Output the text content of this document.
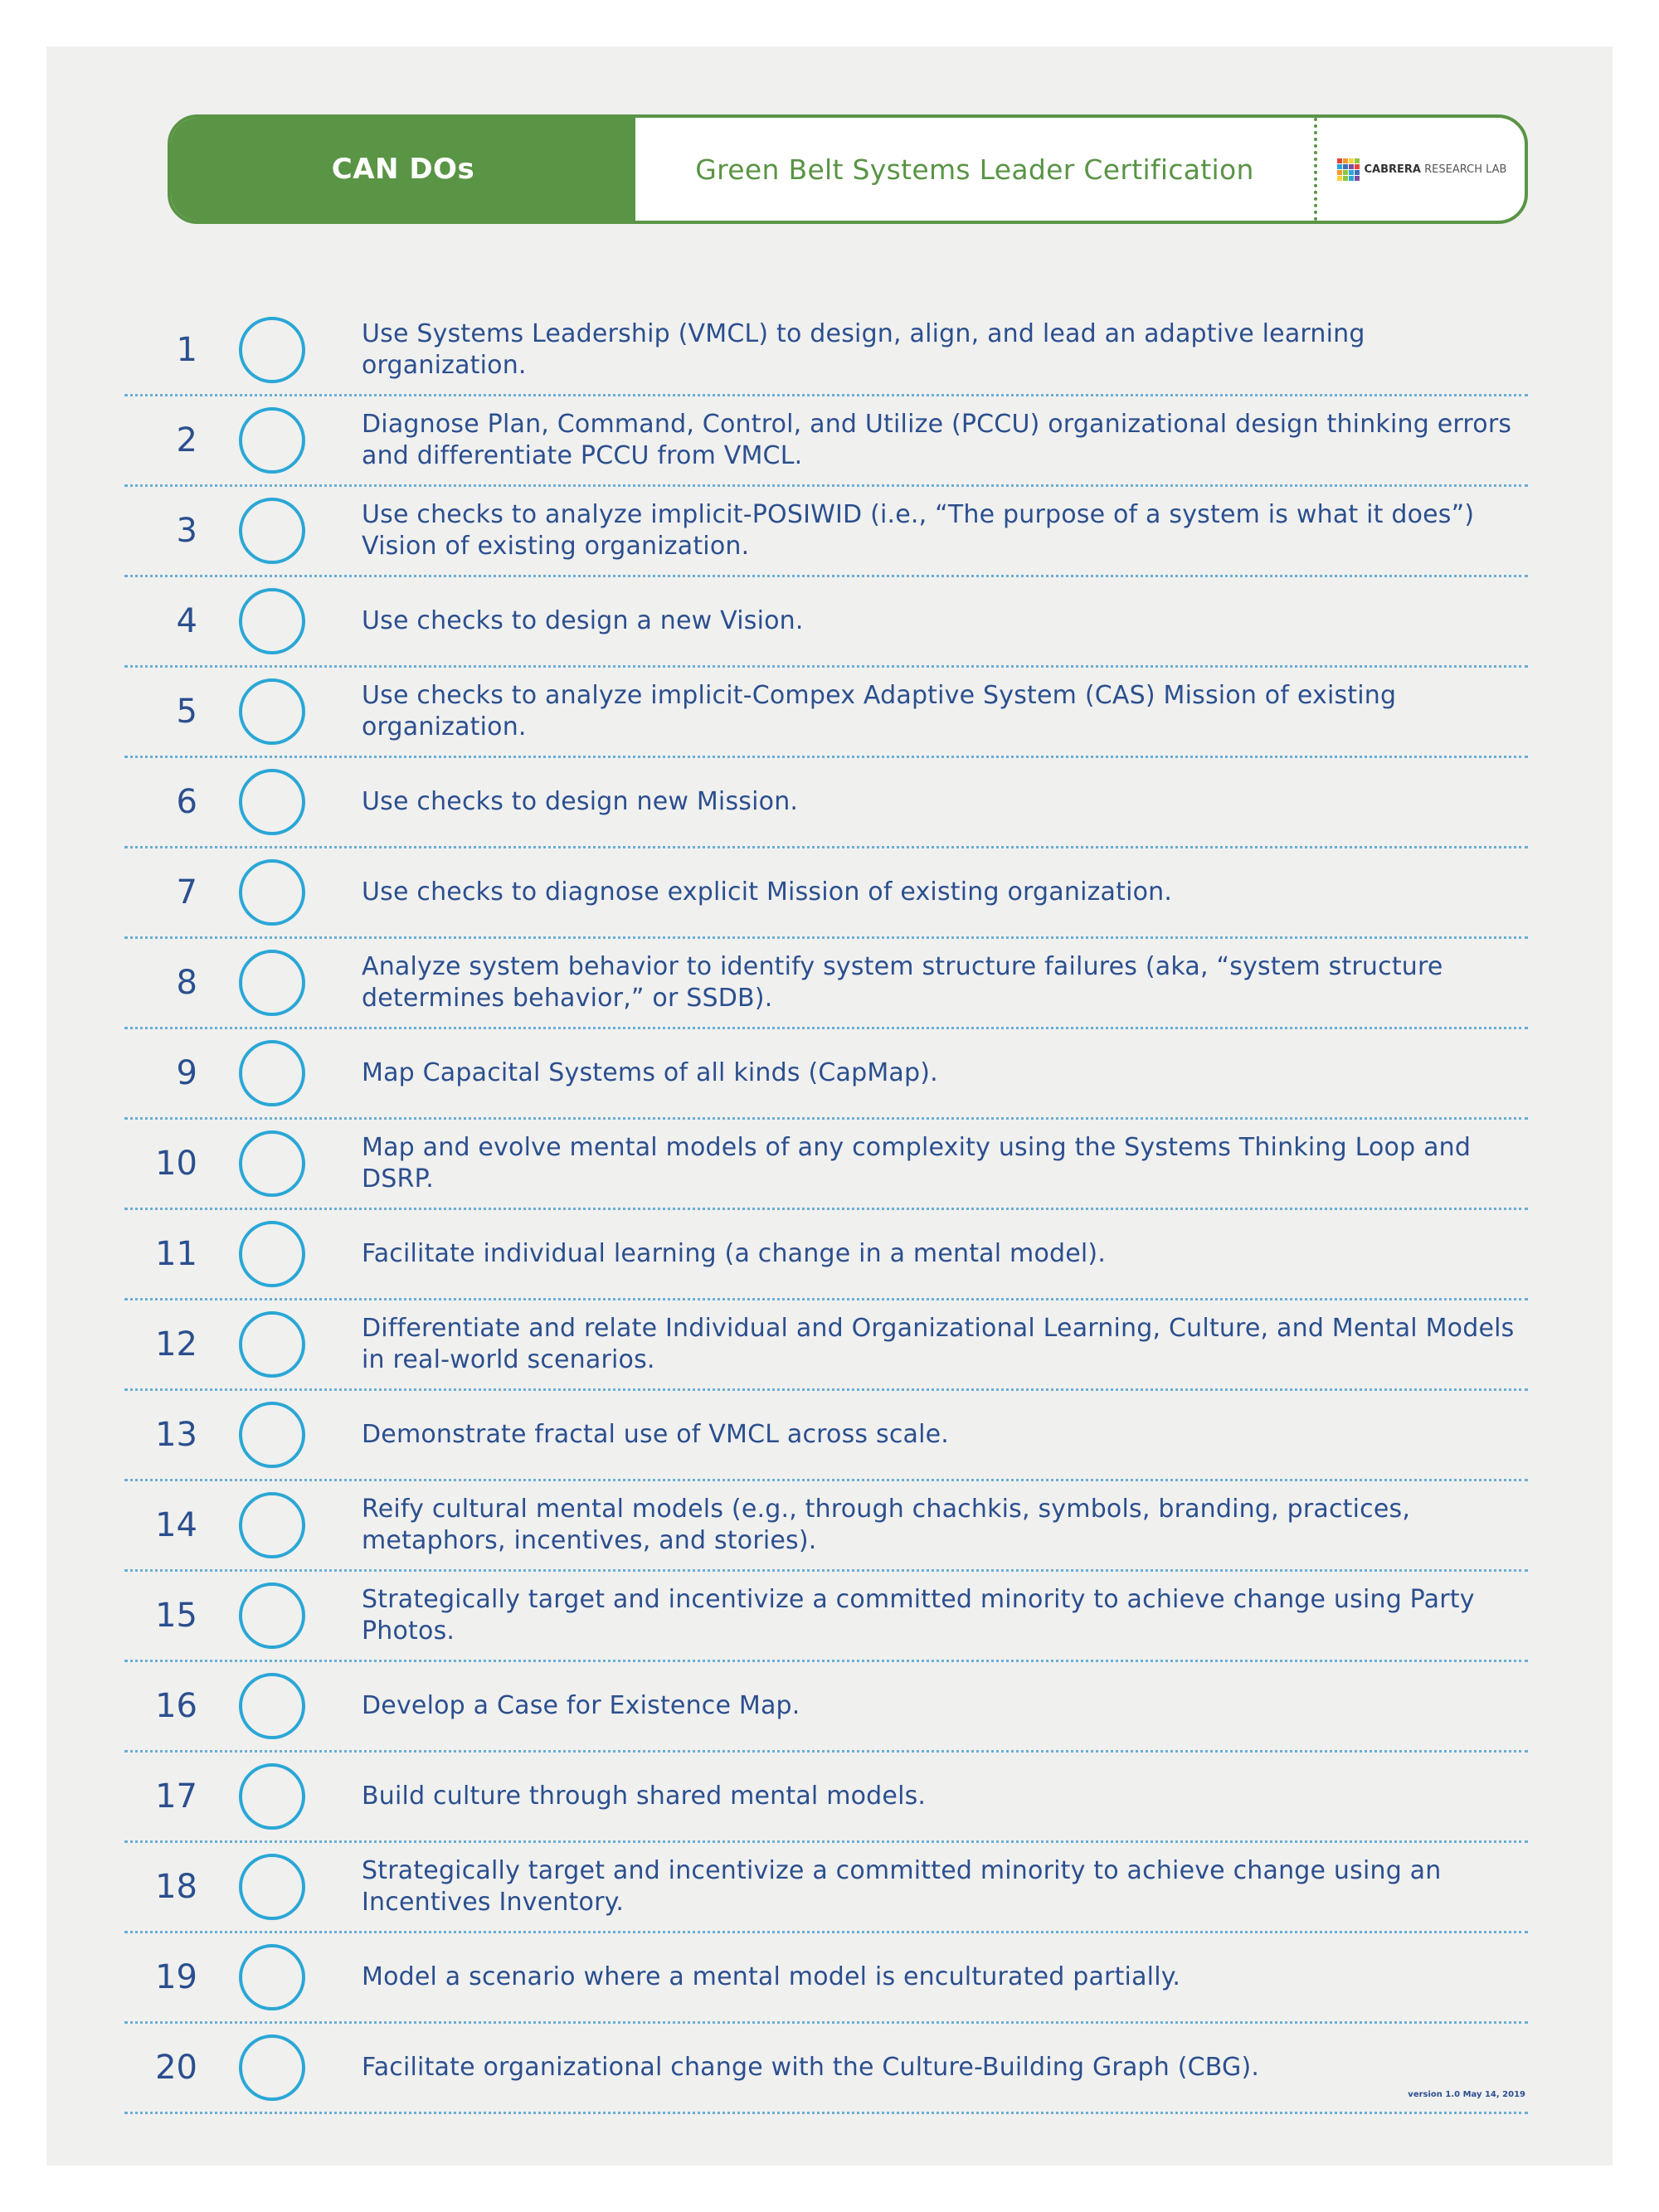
CAN DOs	Green Belt Systems Leader Certification	CABRERA RESEARCH LAB
1	Use Systems Leadership (VMCL) to design, align, and lead an adaptive learning organization.
2	Diagnose Plan, Command, Control, and Utilize (PCCU) organizational design thinking errors and differentiate PCCU from VMCL.
3	Use checks to analyze implicit-POSIWID (i.e., “The purpose of a system is what it does”) Vision of existing organization.
4	Use checks to design a new Vision.
5	Use checks to analyze implicit-Compex Adaptive System (CAS) Mission of existing organization.
6	Use checks to design new Mission.
7	Use checks to diagnose explicit Mission of existing organization.
8	Analyze system behavior to identify system structure failures (aka, “system structure determines behavior,” or SSDB).
9	Map Capacital Systems of all kinds (CapMap).
10	Map and evolve mental models of any complexity using the Systems Thinking Loop and DSRP.
11	Facilitate individual learning (a change in a mental model).
12	Differentiate and relate Individual and Organizational Learning, Culture, and Mental Models in real-world scenarios.
13	Demonstrate fractal use of VMCL across scale.
14	Reify cultural mental models (e.g., through chachkis, symbols, branding, practices, metaphors, incentives, and stories).
15	Strategically target and incentivize a committed minority to achieve change using Party Photos.
16	Develop a Case for Existence Map.
17	Build culture through shared mental models.
18	Strategically target and incentivize a committed minority to achieve change using an Incentives Inventory.
19	Model a scenario where a mental model is enculturated partially.
20	Facilitate organizational change with the Culture-Building Graph (CBG).
version 1.0 May 14, 2019
